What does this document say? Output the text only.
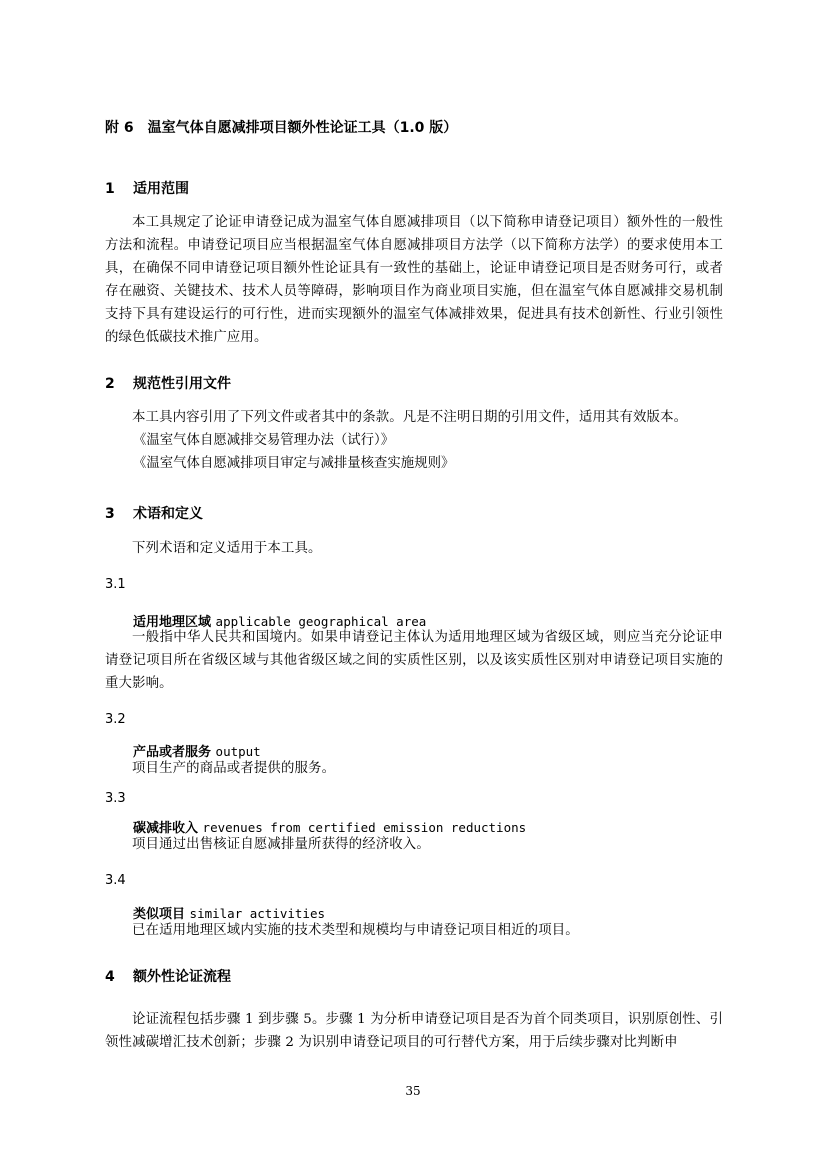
附 6　温室气体自愿减排项目额外性论证工具（1.0 版）
1 适用范围

本工具规定了论证申请登记成为温室气体自愿减排项目（以下简称申请登记项目）额外性的一般性方法和流程。申请登记项目应当根据温室气体自愿减排项目方法学（以下简称方法学）的要求使用本工具，在确保不同申请登记项目额外性论证具有一致性的基础上，论证申请登记项目是否财务可行，或者存在融资、关键技术、技术人员等障碍，影响项目作为商业项目实施，但在温室气体自愿减排交易机制支持下具有建设运行的可行性，进而实现额外的温室气体减排效果，促进具有技术创新性、行业引领性的绿色低碳技术推广应用。

2 规范性引用文件

本工具内容引用了下列文件或者其中的条款。凡是不注明日期的引用文件，适用其有效版本。

《温室气体自愿减排交易管理办法（试行）》
《温室气体自愿减排项目审定与减排量核查实施规则》
3 术语和定义

下列术语和定义适用于本工具。

3.1
适用地理区域 applicable geographical area

一般指中华人民共和国境内。如果申请登记主体认为适用地理区域为省级区域，则应当充分论证申请登记项目所在省级区域与其他省级区域之间的实质性区别，以及该实质性区别对申请登记项目实施的重大影响。

3.2
产品或者服务 output

项目生产的商品或者提供的服务。

3.3
碳减排收入 revenues from certified emission reductions

项目通过出售核证自愿减排量所获得的经济收入。

3.4
类似项目 similar activities

已在适用地理区域内实施的技术类型和规模均与申请登记项目相近的项目。

4 额外性论证流程

论证流程包括步骤 1 到步骤 5。步骤 1 为分析申请登记项目是否为首个同类项目，识别原创性、引领性减碳增汇技术创新；步骤 2 为识别申请登记项目的可行替代方案，用于后续步骤对比判断申

35
